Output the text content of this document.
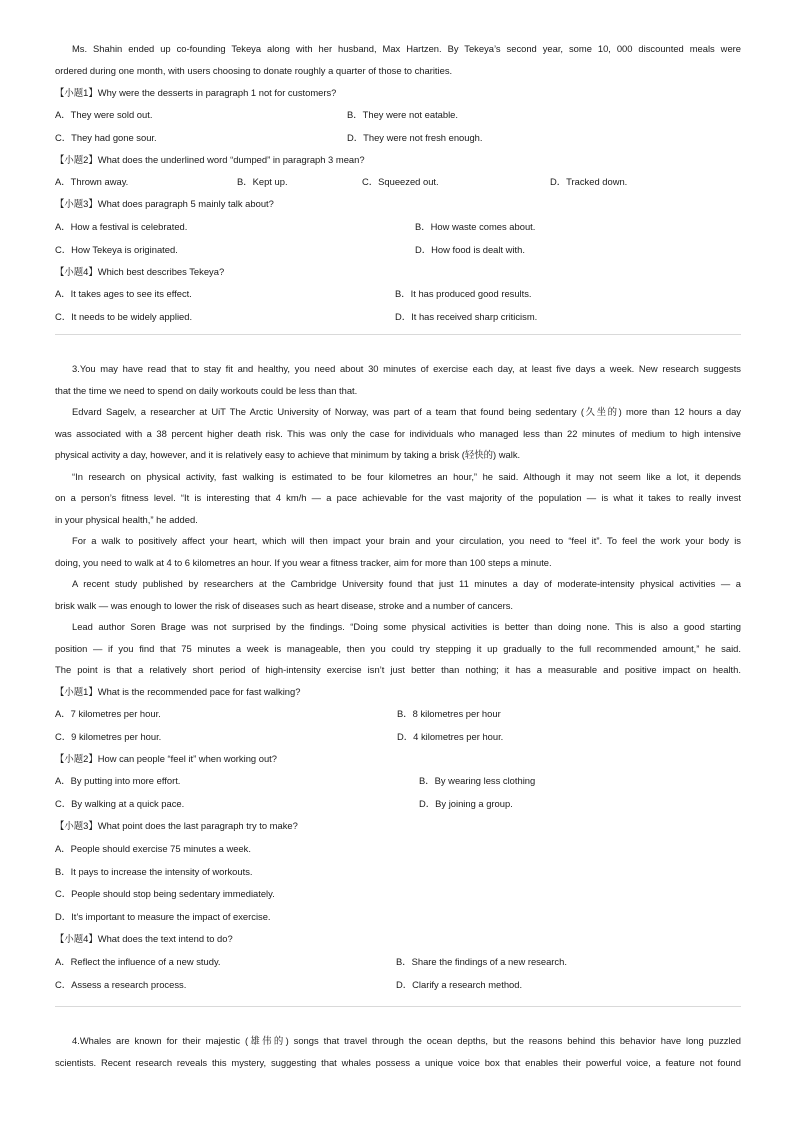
Ms. Shahin ended up co-founding Tekeya along with her husband, Max Hartzen. By Tekeya’s second year, some 10, 000 discounted meals were
ordered during one month, with users choosing to donate roughly a quarter of those to charities.
【小题1】Why were the desserts in paragraph 1 not for customers?
A．They were sold out.	B．They were not eatable.
C．They had gone sour.	D．They were not fresh enough.
【小题2】What does the underlined word “dumped” in paragraph 3 mean?
A．Thrown away.	B．Kept up.	C．Squeezed out.	D．Tracked down.
【小题3】What does paragraph 5 mainly talk about?
A．How a festival is celebrated.	B．How waste comes about.
C．How Tekeya is originated.	D．How food is dealt with.
【小题4】Which best describes Tekeya?
A．It takes ages to see its effect.	B．It has produced good results.
C．It needs to be widely applied.	D．It has received sharp criticism.
3.You may have read that to stay fit and healthy, you need about 30 minutes of exercise each day, at least five days a week. New research suggests
that the time we need to spend on daily workouts could be less than that.
Edvard Sagelv, a researcher at UiT The Arctic University of Norway, was part of a team that found being sedentary (久坐的) more than 12 hours a day
was associated with a 38 percent higher death risk. This was only the case for individuals who managed less than 22 minutes of medium to high intensive
physical activity a day, however, and it is relatively easy to achieve that minimum by taking a brisk (轻快的) walk.
“In research on physical activity, fast walking is estimated to be four kilometres an hour,” he said. Although it may not seem like a lot, it depends
on a person’s fitness level. “It is interesting that 4 km/h — a pace achievable for the vast majority of the population — is what it takes to really invest
in your physical health,” he added.
For a walk to positively affect your heart, which will then impact your brain and your circulation, you need to “feel it”. To feel the work your body is
doing, you need to walk at 4 to 6 kilometres an hour. If you wear a fitness tracker, aim for more than 100 steps a minute.
A recent study published by researchers at the Cambridge University found that just 11 minutes a day of moderate-intensity physical activities — a
brisk walk — was enough to lower the risk of diseases such as heart disease, stroke and a number of cancers.
Lead author Soren Brage was not surprised by the findings. “Doing some physical activities is better than doing none. This is also a good starting
position — if you find that 75 minutes a week is manageable, then you could try stepping it up gradually to the full recommended amount,” he said.
The point is that a relatively short period of high-intensity exercise isn’t just better than nothing; it has a measurable and positive impact on health.
【小题1】What is the recommended pace for fast walking?
A．7 kilometres per hour.	B．8 kilometres per hour
C．9 kilometres per hour.	D．4 kilometres per hour.
【小题2】How can people “feel it” when working out?
A．By putting into more effort.	B．By wearing less clothing
C．By walking at a quick pace.	D．By joining a group.
【小题3】What point does the last paragraph try to make?
A．People should exercise 75 minutes a week.
B．It pays to increase the intensity of workouts.
C．People should stop being sedentary immediately.
D．It’s important to measure the impact of exercise.
【小题4】What does the text intend to do?
A．Reflect the influence of a new study.	B．Share the findings of a new research.
C．Assess a research process.	D．Clarify a research method.
4.Whales are known for their majestic (雄伟的) songs that travel through the ocean depths, but the reasons behind this behavior have long puzzled
scientists. Recent research reveals this mystery, suggesting that whales possess a unique voice box that enables their powerful voice, a feature not found
